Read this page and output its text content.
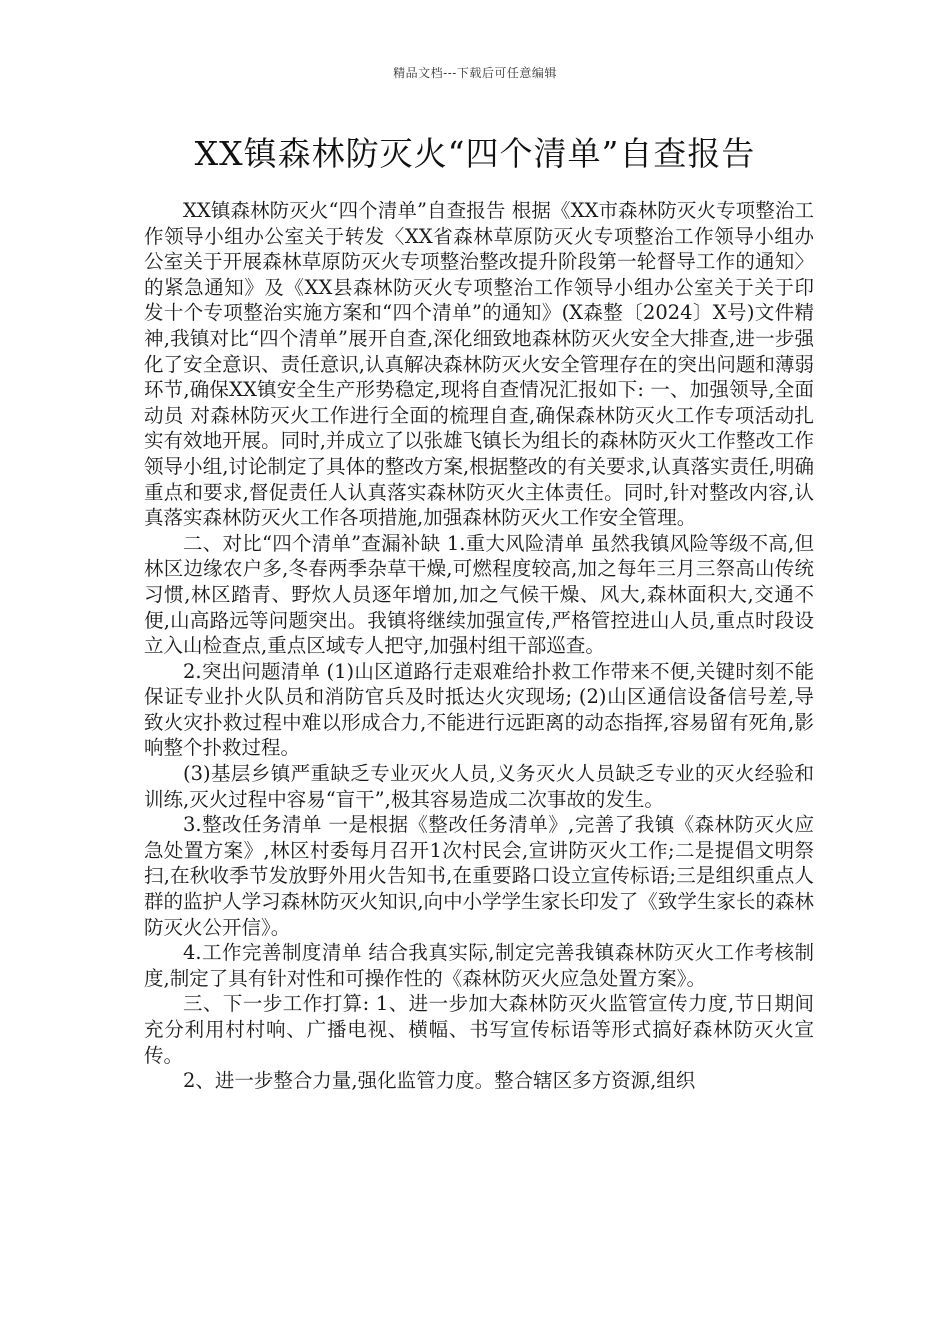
精品文档---下载后可任意编辑
XX镇森林防灭火“四个清单”自查报告

XX镇森林防灭火“四个清单”自查报告 根据《XX市森林防灭火专项整治工作领导小组办公室关于转发〈XX省森林草原防灭火专项整治工作领导小组办公室关于开展森林草原防灭火专项整治整改提升阶段第一轮督导工作的通知〉的紧急通知》及《XX县森林防灭火专项整治工作领导小组办公室关于关于印发十个专项整治实施方案和“四个清单”的通知》(X森整〔2024〕X号)文件精神,我镇对比“四个清单”展开自查,深化细致地森林防灭火安全大排查,进一步强化了安全意识、责任意识,认真解决森林防灭火安全管理存在的突出问题和薄弱环节,确保XX镇安全生产形势稳定,现将自查情况汇报如下: 一、加强领导,全面动员 对森林防灭火工作进行全面的梳理自查,确保森林防灭火工作专项活动扎实有效地开展。同时,并成立了以张雄飞镇长为组长的森林防灭火工作整改工作领导小组,讨论制定了具体的整改方案,根据整改的有关要求,认真落实责任,明确重点和要求,督促责任人认真落实森林防灭火主体责任。同时,针对整改内容,认真落实森林防灭火工作各项措施,加强森林防灭火工作安全管理。

二、对比“四个清单”查漏补缺 1.重大风险清单 虽然我镇风险等级不高,但林区边缘农户多,冬春两季杂草干燥,可燃程度较高,加之每年三月三祭高山传统习惯,林区踏青、野炊人员逐年增加,加之气候干燥、风大,森林面积大,交通不便,山高路远等问题突出。我镇将继续加强宣传,严格管控进山人员,重点时段设立入山检查点,重点区域专人把守,加强村组干部巡查。

2.突出问题清单 (1)山区道路行走艰难给扑救工作带来不便,关键时刻不能保证专业扑火队员和消防官兵及时抵达火灾现场; (2)山区通信设备信号差,导致火灾扑救过程中难以形成合力,不能进行远距离的动态指挥,容易留有死角,影响整个扑救过程。

(3)基层乡镇严重缺乏专业灭火人员,义务灭火人员缺乏专业的灭火经验和训练,灭火过程中容易“盲干”,极其容易造成二次事故的发生。

3.整改任务清单 一是根据《整改任务清单》,完善了我镇《森林防灭火应急处置方案》,林区村委每月召开1次村民会,宣讲防灭火工作;二是提倡文明祭扫,在秋收季节发放野外用火告知书,在重要路口设立宣传标语;三是组织重点人群的监护人学习森林防灭火知识,向中小学学生家长印发了《致学生家长的森林防灭火公开信》。

4.工作完善制度清单 结合我真实际,制定完善我镇森林防灭火工作考核制度,制定了具有针对性和可操作性的《森林防灭火应急处置方案》。

三、下一步工作打算: 1、进一步加大森林防灭火监管宣传力度,节日期间充分利用村村响、广播电视、横幅、书写宣传标语等形式搞好森林防灭火宣传。

2、进一步整合力量,强化监管力度。整合辖区多方资源,组织
